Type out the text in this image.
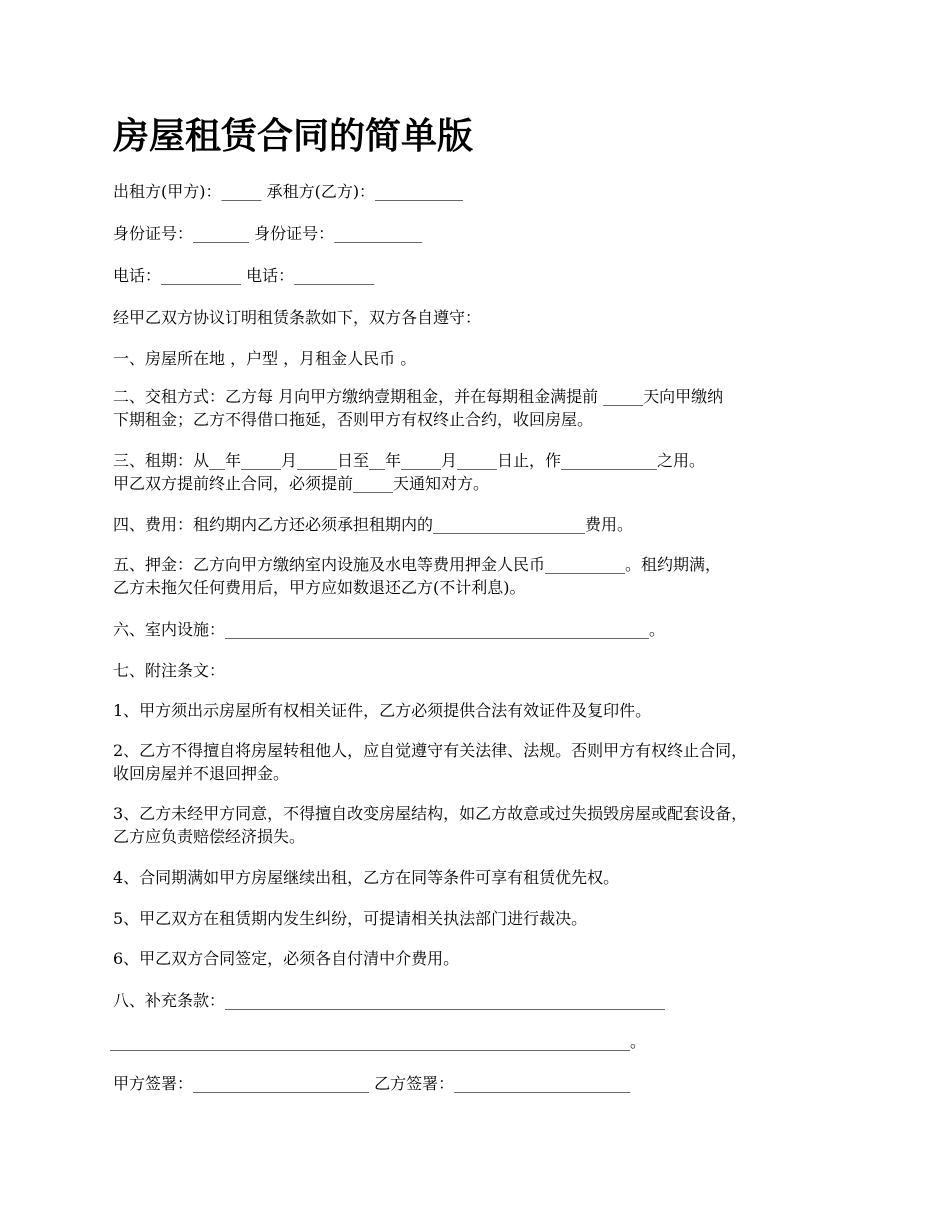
房屋租赁合同的简单版

出租方(甲方)：_____ 承租方(乙方)：___________

身份证号：_______ 身份证号：___________

电话：__________ 电话：__________

经甲乙双方协议订明租赁条款如下，双方各自遵守：

一、房屋所在地 ，户型 ，月租金人民币 。

二、交租方式：乙方每 月向甲方缴纳壹期租金，并在每期租金满提前 _____天向甲缴纳
下期租金；乙方不得借口拖延，否则甲方有权终止合约，收回房屋。

三、租期：从__年_____月_____日至__年_____月_____日止，作____________之用。
甲乙双方提前终止合同，必须提前_____天通知对方。

四、费用：租约期内乙方还必须承担租期内的___________________费用。

五、押金：乙方向甲方缴纳室内设施及水电等费用押金人民币__________。租约期满，
乙方未拖欠任何费用后，甲方应如数退还乙方(不计利息)。

六、室内设施：_____________________________________________________。

七、附注条文：

1、甲方须出示房屋所有权相关证件，乙方必须提供合法有效证件及复印件。

2、乙方不得擅自将房屋转租他人，应自觉遵守有关法律、法规。否则甲方有权终止合同，
收回房屋并不退回押金。

3、乙方未经甲方同意，不得擅自改变房屋结构，如乙方故意或过失损毁房屋或配套设备，
乙方应负责赔偿经济损失。

4、合同期满如甲方房屋继续出租，乙方在同等条件可享有租赁优先权。

5、甲乙双方在租赁期内发生纠纷，可提请相关执法部门进行裁决。

6、甲乙双方合同签定，必须各自付清中介费用。

八、补充条款：_______________________________________________________

_________________________________________________________________。

甲方签署：______________________ 乙方签署：______________________
